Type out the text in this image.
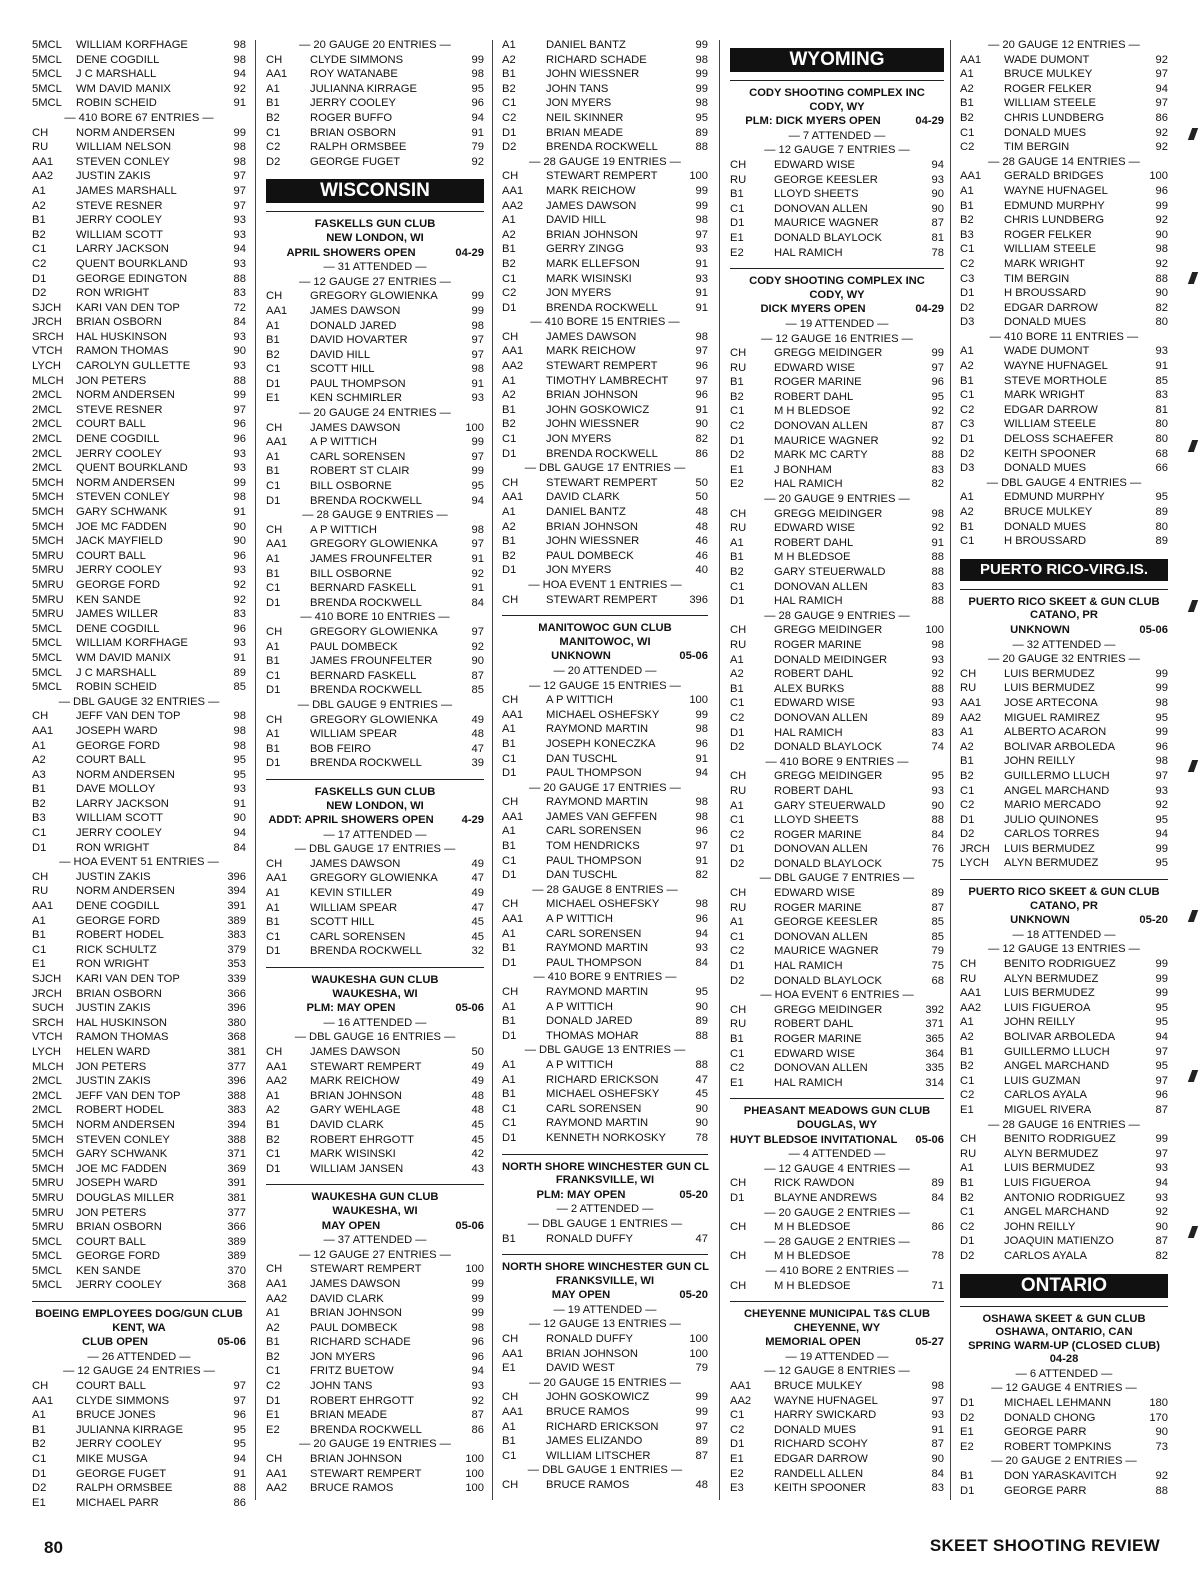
5MCL	WILLIAM KORFHAGE	98
5MCL	DENE COGDILL	98
5MCL	J C MARSHALL	94
5MCL	WM DAVID MANIX	92
5MCL	ROBIN SCHEID	91
— 410 BORE 67 ENTRIES —
CH	NORM ANDERSEN	99
RU	WILLIAM NELSON	98
AA1	STEVEN CONLEY	98
AA2	JUSTIN ZAKIS	97
A1	JAMES MARSHALL	97
A2	STEVE RESNER	97
B1	JERRY COOLEY	93
B2	WILLIAM SCOTT	93
C1	LARRY JACKSON	94
C2	QUENT BOURKLAND	93
D1	GEORGE EDINGTON	88
D2	RON WRIGHT	83
SJCH	KARI VAN DEN TOP	72
JRCH	BRIAN OSBORN	84
SRCH	HAL HUSKINSON	93
VTCH	RAMON THOMAS	90
LYCH	CAROLYN GULLETTE	93
MLCH	JON PETERS	88
2MCL	NORM ANDERSEN	99
2MCL	STEVE RESNER	97
2MCL	COURT BALL	96
2MCL	DENE COGDILL	96
2MCL	JERRY COOLEY	93
2MCL	QUENT BOURKLAND	93
5MCH	NORM ANDERSEN	99
5MCH	STEVEN CONLEY	98
5MCH	GARY SCHWANK	91
5MCH	JOE MC FADDEN	90
5MCH	JACK MAYFIELD	90
5MRU	COURT BALL	96
5MRU	JERRY COOLEY	93
5MRU	GEORGE FORD	92
5MRU	KEN SANDE	92
5MRU	JAMES WILLER	83
5MCL	DENE COGDILL	96
5MCL	WILLIAM KORFHAGE	93
5MCL	WM DAVID MANIX	91
5MCL	J C MARSHALL	89
5MCL	ROBIN SCHEID	85
— DBL GAUGE 32 ENTRIES —
CH	JEFF VAN DEN TOP	98
AA1	JOSEPH WARD	98
A1	GEORGE FORD	98
A2	COURT BALL	95
A3	NORM ANDERSEN	95
B1	DAVE MOLLOY	93
B2	LARRY JACKSON	91
B3	WILLIAM SCOTT	90
C1	JERRY COOLEY	94
D1	RON WRIGHT	84
— HOA EVENT 51 ENTRIES —
CH	JUSTIN ZAKIS	396
RU	NORM ANDERSEN	394
AA1	DENE COGDILL	391
A1	GEORGE FORD	389
B1	ROBERT HODEL	383
C1	RICK SCHULTZ	379
E1	RON WRIGHT	353
SJCH	KARI VAN DEN TOP	339
JRCH	BRIAN OSBORN	366
SUCH	JUSTIN ZAKIS	396
SRCH	HAL HUSKINSON	380
VTCH	RAMON THOMAS	368
LYCH	HELEN WARD	381
MLCH	JON PETERS	377
2MCL	JUSTIN ZAKIS	396
2MCL	JEFF VAN DEN TOP	388
2MCL	ROBERT HODEL	383
5MCH	NORM ANDERSEN	394
5MCH	STEVEN CONLEY	388
5MCH	GARY SCHWANK	371
5MCH	JOE MC FADDEN	369
5MRU	JOSEPH WARD	391
5MRU	DOUGLAS MILLER	381
5MRU	JON PETERS	377
5MRU	BRIAN OSBORN	366
5MCL	COURT BALL	389
5MCL	GEORGE FORD	389
5MCL	KEN SANDE	370
5MCL	JERRY COOLEY	368
BOEING EMPLOYEES DOG/GUN CLUB
KENT, WA
CLUB OPEN	05-06
— 26 ATTENDED —
— 12 GAUGE 24 ENTRIES —
CH	COURT BALL	97
AA1	CLYDE SIMMONS	97
A1	BRUCE JONES	96
B1	JULIANNA KIRRAGE	95
B2	JERRY COOLEY	95
C1	MIKE MUSGA	94
D1	GEORGE FUGET	91
D2	RALPH ORMSBEE	88
E1	MICHAEL PARR	86
— 20 GAUGE 20 ENTRIES —
CH	CLYDE SIMMONS	99
AA1	ROY WATANABE	98
A1	JULIANNA KIRRAGE	95
B1	JERRY COOLEY	96
B2	ROGER BUFFO	94
C1	BRIAN OSBORN	91
C2	RALPH ORMSBEE	79
D2	GEORGE FUGET	92
WISCONSIN
FASKELLS GUN CLUB
NEW LONDON, WI
APRIL SHOWERS OPEN	04-29
— 31 ATTENDED —
— 12 GAUGE 27 ENTRIES —
CH	GREGORY GLOWIENKA	99
AA1	JAMES DAWSON	99
A1	DONALD JARED	98
B1	DAVID HOVARTER	97
B2	DAVID HILL	97
C1	SCOTT HILL	98
D1	PAUL THOMPSON	91
E1	KEN SCHMIRLER	93
— 20 GAUGE 24 ENTRIES —
CH	JAMES DAWSON	100
AA1	A P WITTICH	99
A1	CARL SORENSEN	97
B1	ROBERT ST CLAIR	99
C1	BILL OSBORNE	95
D1	BRENDA ROCKWELL	94
— 28 GAUGE 9 ENTRIES —
CH	A P WITTICH	98
AA1	GREGORY GLOWIENKA	97
A1	JAMES FROUNFELTER	91
B1	BILL OSBORNE	92
C1	BERNARD FASKELL	91
D1	BRENDA ROCKWELL	84
— 410 BORE 10 ENTRIES —
CH	GREGORY GLOWIENKA	97
A1	PAUL DOMBECK	92
B1	JAMES FROUNFELTER	90
C1	BERNARD FASKELL	87
D1	BRENDA ROCKWELL	85
— DBL GAUGE 9 ENTRIES —
CH	GREGORY GLOWIENKA	49
A1	WILLIAM SPEAR	48
B1	BOB FEIRO	47
D1	BRENDA ROCKWELL	39
FASKELLS GUN CLUB
NEW LONDON, WI
ADDT: APRIL SHOWERS OPEN	4-29
— 17 ATTENDED —
— DBL GAUGE 17 ENTRIES —
CH	JAMES DAWSON	49
AA1	GREGORY GLOWIENKA	47
A1	KEVIN STILLER	49
A1	WILLIAM SPEAR	47
B1	SCOTT HILL	45
C1	CARL SORENSEN	45
D1	BRENDA ROCKWELL	32
WAUKESHA GUN CLUB
WAUKESHA, WI
PLM: MAY OPEN	05-06
— 16 ATTENDED —
— DBL GAUGE 16 ENTRIES —
CH	JAMES DAWSON	50
AA1	STEWART REMPERT	49
AA2	MARK REICHOW	49
A1	BRIAN JOHNSON	48
A2	GARY WEHLAGE	48
B1	DAVID CLARK	45
B2	ROBERT EHRGOTT	45
C1	MARK WISINSKI	42
D1	WILLIAM JANSEN	43
WAUKESHA GUN CLUB
WAUKESHA, WI
MAY OPEN	05-06
— 37 ATTENDED —
— 12 GAUGE 27 ENTRIES —
CH	STEWART REMPERT	100
AA1	JAMES DAWSON	99
AA2	DAVID CLARK	99
A1	BRIAN JOHNSON	99
A2	PAUL DOMBECK	98
B1	RICHARD SCHADE	96
B2	JON MYERS	96
C1	FRITZ BUETOW	94
C2	JOHN TANS	93
D1	ROBERT EHRGOTT	92
E1	BRIAN MEADE	87
E2	BRENDA ROCKWELL	86
— 20 GAUGE 19 ENTRIES —
CH	BRIAN JOHNSON	100
AA1	STEWART REMPERT	100
AA2	BRUCE RAMOS	100
A1	DANIEL BANTZ	99
A2	RICHARD SCHADE	98
B1	JOHN WIESSNER	99
B2	JOHN TANS	99
C1	JON MYERS	98
C2	NEIL SKINNER	95
D1	BRIAN MEADE	89
D2	BRENDA ROCKWELL	88
— 28 GAUGE 19 ENTRIES —
CH	STEWART REMPERT	100
AA1	MARK REICHOW	99
AA2	JAMES DAWSON	99
A1	DAVID HILL	98
A2	BRIAN JOHNSON	97
B1	GERRY ZINGG	93
B2	MARK ELLEFSON	91
C1	MARK WISINSKI	93
C2	JON MYERS	91
D1	BRENDA ROCKWELL	91
— 410 BORE 15 ENTRIES —
CH	JAMES DAWSON	98
AA1	MARK REICHOW	97
AA2	STEWART REMPERT	96
A1	TIMOTHY LAMBRECHT	97
A2	BRIAN JOHNSON	96
B1	JOHN GOSKOWICZ	91
B2	JOHN WIESSNER	90
C1	JON MYERS	82
D1	BRENDA ROCKWELL	86
— DBL GAUGE 17 ENTRIES —
CH	STEWART REMPERT	50
AA1	DAVID CLARK	50
A1	DANIEL BANTZ	48
A2	BRIAN JOHNSON	48
B1	JOHN WIESSNER	46
B2	PAUL DOMBECK	46
D1	JON MYERS	40
— HOA EVENT 1 ENTRIES —
CH	STEWART REMPERT	396
MANITOWOC GUN CLUB
MANITOWOC, WI
UNKNOWN	05-06
— 20 ATTENDED —
— 12 GAUGE 15 ENTRIES —
CH	A P WITTICH	100
AA1	MICHAEL OSHEFSKY	99
A1	RAYMOND MARTIN	98
B1	JOSEPH KONECZKA	96
C1	DAN TUSCHL	91
D1	PAUL THOMPSON	94
— 20 GAUGE 17 ENTRIES —
CH	RAYMOND MARTIN	98
AA1	JAMES VAN GEFFEN	98
A1	CARL SORENSEN	96
B1	TOM HENDRICKS	97
C1	PAUL THOMPSON	91
D1	DAN TUSCHL	82
— 28 GAUGE 8 ENTRIES —
CH	MICHAEL OSHEFSKY	98
AA1	A P WITTICH	96
A1	CARL SORENSEN	94
B1	RAYMOND MARTIN	93
D1	PAUL THOMPSON	84
— 410 BORE 9 ENTRIES —
CH	RAYMOND MARTIN	95
A1	A P WITTICH	90
B1	DONALD JARED	89
D1	THOMAS MOHAR	88
— DBL GAUGE 13 ENTRIES —
A1	A P WITTICH	88
A1	RICHARD ERICKSON	47
B1	MICHAEL OSHEFSKY	45
C1	CARL SORENSEN	90
C1	RAYMOND MARTIN	90
D1	KENNETH NORKOSKY	78
NORTH SHORE WINCHESTER GUN CL
FRANKSVILLE, WI
PLM: MAY OPEN	05-20
— 2 ATTENDED —
— DBL GAUGE 1 ENTRIES —
B1	RONALD DUFFY	47
NORTH SHORE WINCHESTER GUN CL
FRANKSVILLE, WI
MAY OPEN	05-20
— 19 ATTENDED —
— 12 GAUGE 13 ENTRIES —
CH	RONALD DUFFY	100
AA1	BRIAN JOHNSON	100
E1	DAVID WEST	79
— 20 GAUGE 15 ENTRIES —
CH	JOHN GOSKOWICZ	99
AA1	BRUCE RAMOS	99
A1	RICHARD ERICKSON	97
B1	JAMES ELIZANDO	89
C1	WILLIAM LITSCHER	87
— DBL GAUGE 1 ENTRIES —
CH	BRUCE RAMOS	48
WYOMING
CODY SHOOTING COMPLEX INC
CODY, WY
PLM: DICK MYERS OPEN	04-29
— 7 ATTENDED —
— 12 GAUGE 7 ENTRIES —
CH	EDWARD WISE	94
RU	GEORGE KEESLER	93
B1	LLOYD SHEETS	90
C1	DONOVAN ALLEN	90
D1	MAURICE WAGNER	87
E1	DONALD BLAYLOCK	81
E2	HAL RAMICH	78
CODY SHOOTING COMPLEX INC
CODY, WY
DICK MYERS OPEN	04-29
— 19 ATTENDED —
— 12 GAUGE 16 ENTRIES —
CH	GREGG MEIDINGER	99
RU	EDWARD WISE	97
B1	ROGER MARINE	96
B2	ROBERT DAHL	95
C1	M H BLEDSOE	92
C2	DONOVAN ALLEN	87
D1	MAURICE WAGNER	92
D2	MARK MC CARTY	88
E1	J BONHAM	83
E2	HAL RAMICH	82
— 20 GAUGE 9 ENTRIES —
CH	GREGG MEIDINGER	98
RU	EDWARD WISE	92
A1	ROBERT DAHL	91
B1	M H BLEDSOE	88
B2	GARY STEUERWALD	88
C1	DONOVAN ALLEN	83
D1	HAL RAMICH	88
— 28 GAUGE 9 ENTRIES —
CH	GREGG MEIDINGER	100
RU	ROGER MARINE	98
A1	DONALD MEIDINGER	93
A2	ROBERT DAHL	92
B1	ALEX BURKS	88
C1	EDWARD WISE	93
C2	DONOVAN ALLEN	89
D1	HAL RAMICH	83
D2	DONALD BLAYLOCK	74
— 410 BORE 9 ENTRIES —
CH	GREGG MEIDINGER	95
RU	ROBERT DAHL	93
A1	GARY STEUERWALD	90
C1	LLOYD SHEETS	88
C2	ROGER MARINE	84
D1	DONOVAN ALLEN	76
D2	DONALD BLAYLOCK	75
— DBL GAUGE 7 ENTRIES —
CH	EDWARD WISE	89
RU	ROGER MARINE	87
A1	GEORGE KEESLER	85
C1	DONOVAN ALLEN	85
C2	MAURICE WAGNER	79
D1	HAL RAMICH	75
D2	DONALD BLAYLOCK	68
— HOA EVENT 6 ENTRIES —
CH	GREGG MEIDINGER	392
RU	ROBERT DAHL	371
B1	ROGER MARINE	365
C1	EDWARD WISE	364
C2	DONOVAN ALLEN	335
E1	HAL RAMICH	314
PHEASANT MEADOWS GUN CLUB
DOUGLAS, WY
HUYT BLEDSOE INVITATIONAL	05-06
— 4 ATTENDED —
— 12 GAUGE 4 ENTRIES —
CH	RICK RAWDON	89
D1	BLAYNE ANDREWS	84
— 20 GAUGE 2 ENTRIES —
CH	M H BLEDSOE	86
— 28 GAUGE 2 ENTRIES —
CH	M H BLEDSOE	78
— 410 BORE 2 ENTRIES —
CH	M H BLEDSOE	71
CHEYENNE MUNICIPAL T&S CLUB
CHEYENNE, WY
MEMORIAL OPEN	05-27
— 19 ATTENDED —
— 12 GAUGE 8 ENTRIES —
AA1	BRUCE MULKEY	98
AA2	WAYNE HUFNAGEL	97
C1	HARRY SWICKARD	93
C2	DONALD MUES	91
D1	RICHARD SCOHY	87
E1	EDGAR DARROW	90
E2	RANDELL ALLEN	84
E3	KEITH SPOONER	83
— 20 GAUGE 12 ENTRIES —
AA1	WADE DUMONT	92
A1	BRUCE MULKEY	97
A2	ROGER FELKER	94
B1	WILLIAM STEELE	97
B2	CHRIS LUNDBERG	86
C1	DONALD MUES	92
C2	TIM BERGIN	92
— 28 GAUGE 14 ENTRIES —
AA1	GERALD BRIDGES	100
A1	WAYNE HUFNAGEL	96
B1	EDMUND MURPHY	99
B2	CHRIS LUNDBERG	92
B3	ROGER FELKER	90
C1	WILLIAM STEELE	98
C2	MARK WRIGHT	92
C3	TIM BERGIN	88
D1	H BROUSSARD	90
D2	EDGAR DARROW	82
D3	DONALD MUES	80
— 410 BORE 11 ENTRIES —
A1	WADE DUMONT	93
A2	WAYNE HUFNAGEL	91
B1	STEVE MORTHOLE	85
C1	MARK WRIGHT	83
C2	EDGAR DARROW	81
C3	WILLIAM STEELE	80
D1	DELOSS SCHAEFER	80
D2	KEITH SPOONER	68
D3	DONALD MUES	66
— DBL GAUGE 4 ENTRIES —
A1	EDMUND MURPHY	95
A2	BRUCE MULKEY	89
B1	DONALD MUES	80
C1	H BROUSSARD	89
PUERTO RICO-VIRG.IS.
PUERTO RICO SKEET & GUN CLUB
CATANO, PR
UNKNOWN	05-06
— 32 ATTENDED —
— 20 GAUGE 32 ENTRIES —
CH	LUIS BERMUDEZ	99
RU	LUIS BERMUDEZ	99
AA1	JOSE ARTECONA	98
AA2	MIGUEL RAMIREZ	95
A1	ALBERTO ACARON	99
A2	BOLIVAR ARBOLEDA	96
B1	JOHN REILLY	98
B2	GUILLERMO LLUCH	97
C1	ANGEL MARCHAND	93
C2	MARIO MERCADO	92
D1	JULIO QUINONES	95
D2	CARLOS TORRES	94
JRCH	LUIS BERMUDEZ	99
LYCH	ALYN BERMUDEZ	95
PUERTO RICO SKEET & GUN CLUB
CATANO, PR
UNKNOWN	05-20
— 18 ATTENDED —
— 12 GAUGE 13 ENTRIES —
CH	BENITO RODRIGUEZ	99
RU	ALYN BERMUDEZ	99
AA1	LUIS BERMUDEZ	99
AA2	LUIS FIGUEROA	95
A1	JOHN REILLY	95
A2	BOLIVAR ARBOLEDA	94
B1	GUILLERMO LLUCH	97
B2	ANGEL MARCHAND	95
C1	LUIS GUZMAN	97
C2	CARLOS AYALA	96
E1	MIGUEL RIVERA	87
— 28 GAUGE 16 ENTRIES —
CH	BENITO RODRIGUEZ	99
RU	ALYN BERMUDEZ	97
A1	LUIS BERMUDEZ	93
B1	LUIS FIGUEROA	94
B2	ANTONIO RODRIGUEZ	93
C1	ANGEL MARCHAND	92
C2	JOHN REILLY	90
D1	JOAQUIN MATIENZO	87
D2	CARLOS AYALA	82
ONTARIO
OSHAWA SKEET & GUN CLUB
OSHAWA, ONTARIO, CAN
SPRING WARM-UP (CLOSED CLUB)
04-28
— 6 ATTENDED —
— 12 GAUGE 4 ENTRIES —
D1	MICHAEL LEHMANN	180
D2	DONALD CHONG	170
E1	GEORGE PARR	90
E2	ROBERT TOMPKINS	73
— 20 GAUGE 2 ENTRIES —
B1	DON YARASKAVITCH	92
D1	GEORGE PARR	88
80	SKEET SHOOTING REVIEW
